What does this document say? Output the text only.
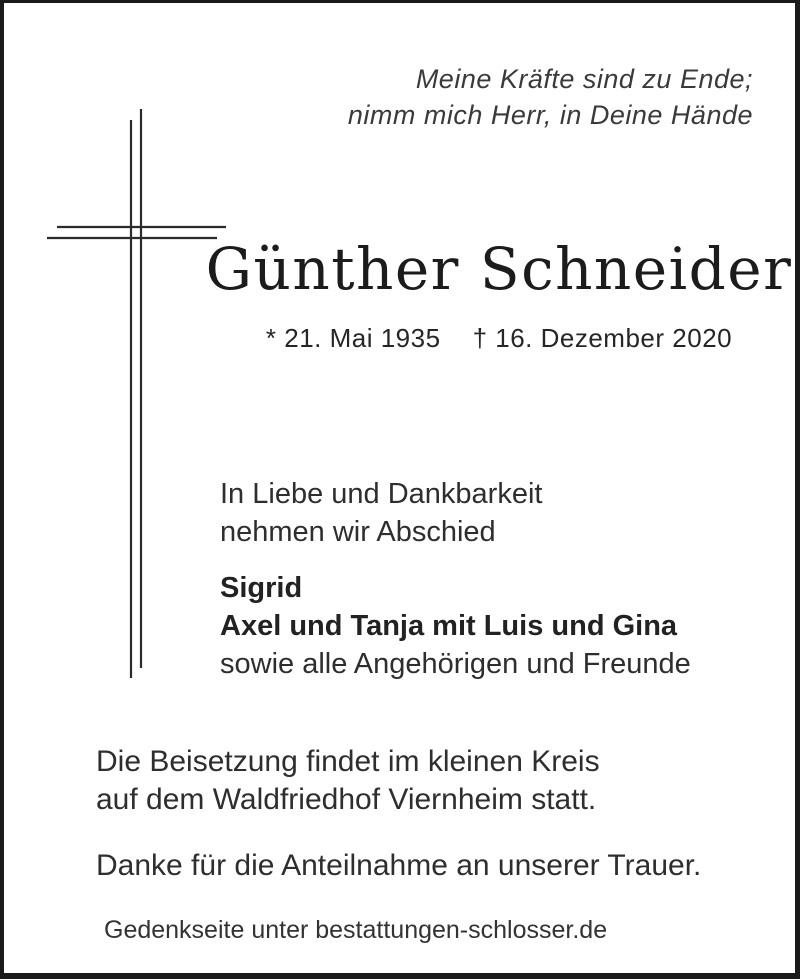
Meine Kräfte sind zu Ende;
nimm mich Herr, in Deine Hände
Günther Schneider
* 21. Mai 1935 † 16. Dezember 2020

In Liebe und Dankbarkeit
nehmen wir Abschied

Sigrid
Axel und Tanja mit Luis und Gina
sowie alle Angehörigen und Freunde

Die Beisetzung findet im kleinen Kreis
auf dem Waldfriedhof Viernheim statt.

Danke für die Anteilnahme an unserer Trauer.

Gedenkseite unter bestattungen-schlosser.de
